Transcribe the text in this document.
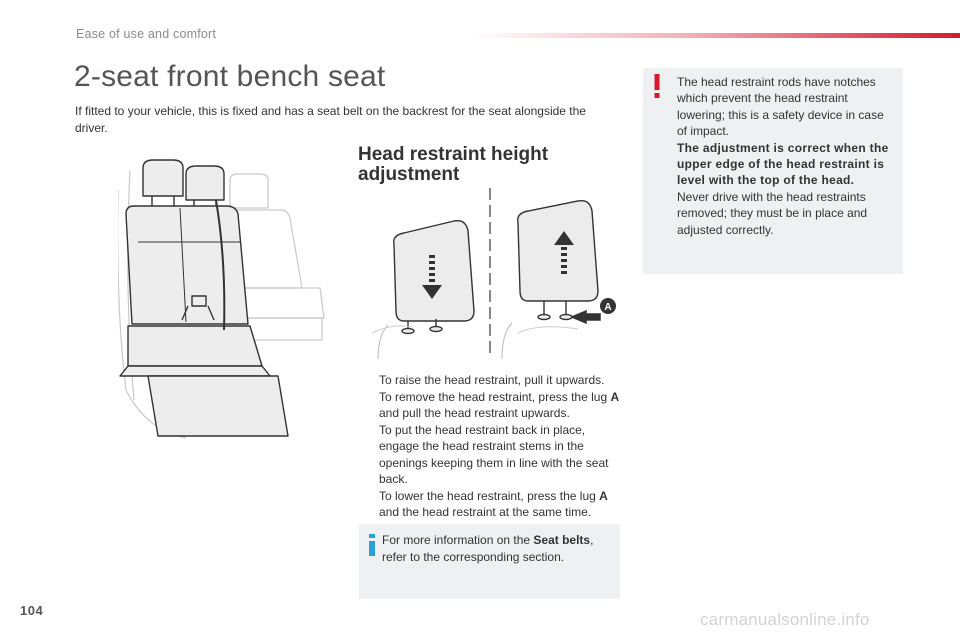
Ease of use and comfort
2-seat front bench seat
If fitted to your vehicle, this is fixed and has a seat belt on the backrest for the seat alongside the driver.
Head restraint height
adjustment
A
To raise the head restraint, pull it upwards.
To remove the head restraint, press the lug A and pull the head restraint upwards.
To put the head restraint back in place, engage the head restraint stems in the openings keeping them in line with the seat back.
To lower the head restraint, press the lug A and the head restraint at the same time.
For more information on the Seat belts, refer to the corresponding section.
The head restraint rods have notches which prevent the head restraint lowering; this is a safety device in case of impact.
The adjustment is correct when the upper edge of the head restraint is level with the top of the head.
Never drive with the head restraints removed; they must be in place and adjusted correctly.
104	carmanualsonline.info
